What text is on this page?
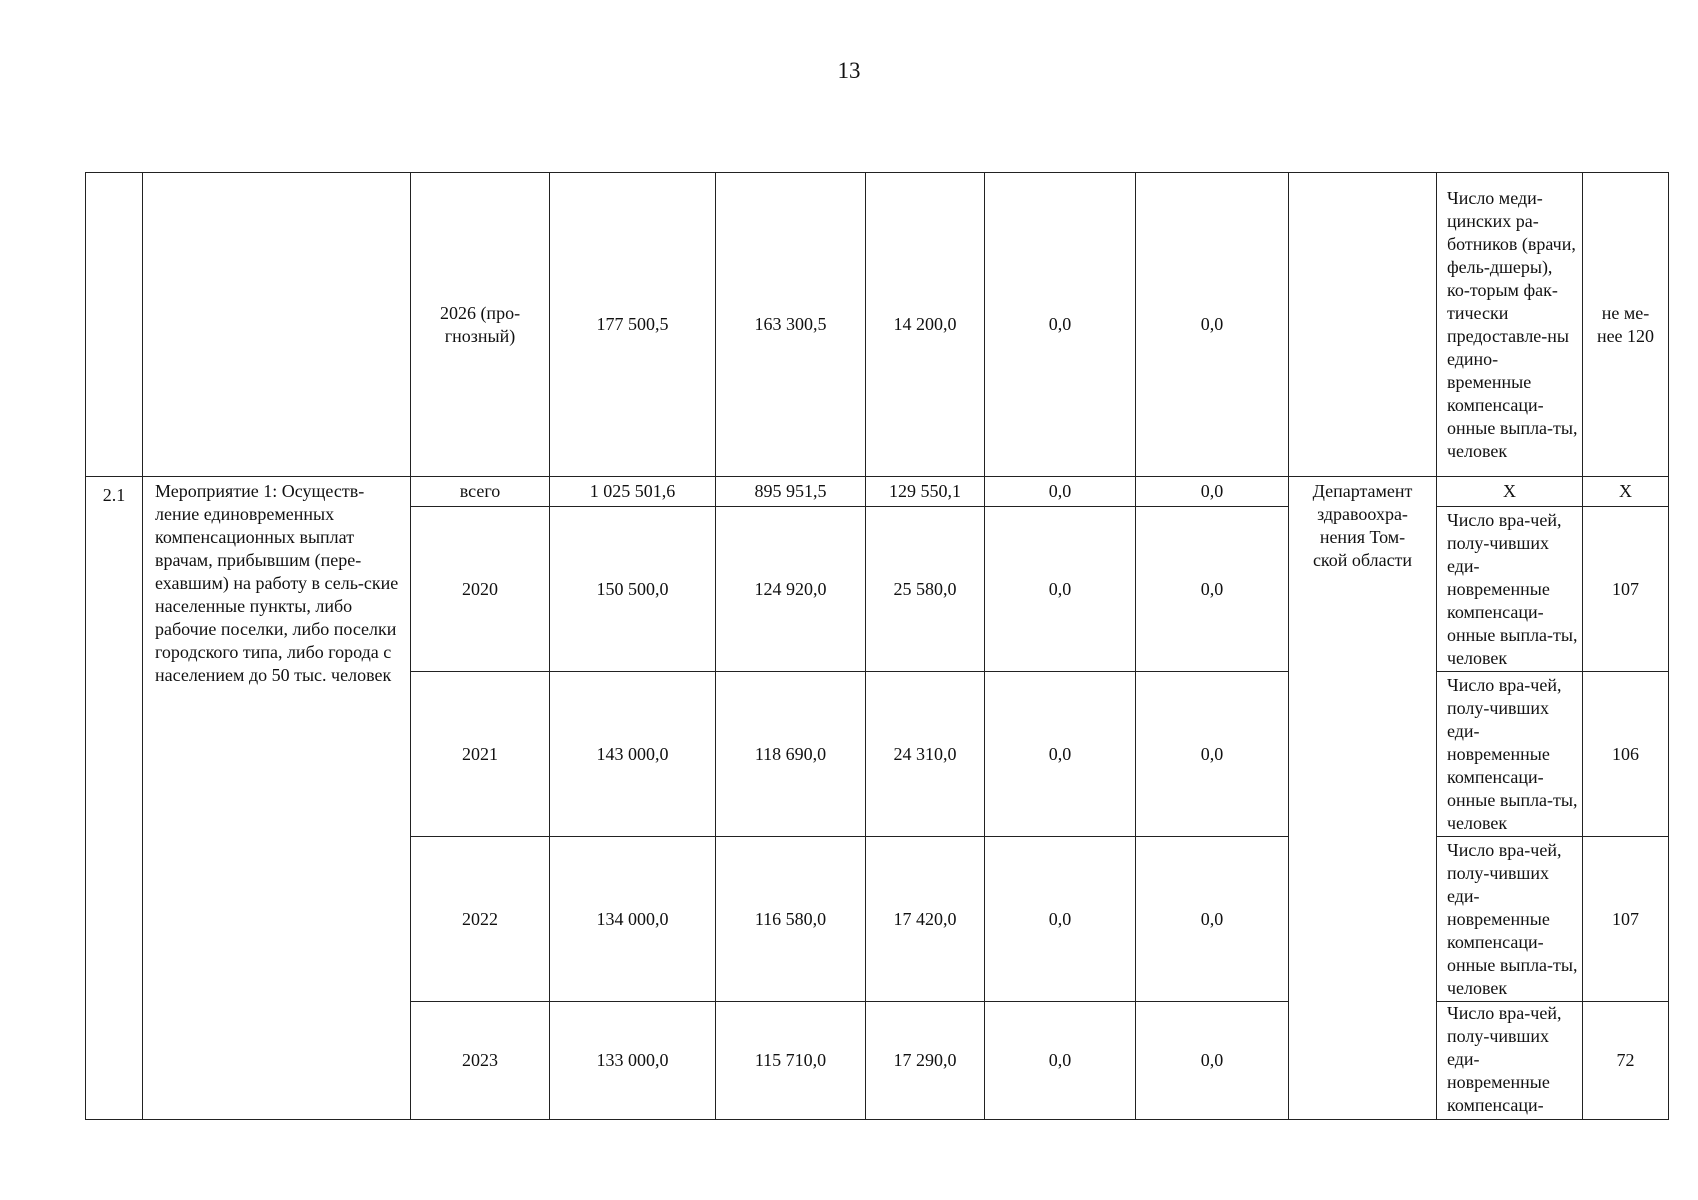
13

		2026 (про-гнозный)	177 500,5	163 300,5	14 200,0	0,0	0,0		Число меди-цинских ра-ботников (врачи, фель-дшеры), ко-торым фак-тически предоставле-ны едино-временные компенсаци-онные выпла-ты, человек	не ме-нее 120

2.1	Мероприятие 1: Осуществ-ление единовременных компенсационных выплат врачам, прибывшим (пере-ехавшим) на работу в сель-ские населенные пункты, либо рабочие поселки, либо поселки городского типа, либо города с населением до 50 тыс. человек	всего	1 025 501,6	895 951,5	129 550,1	0,0	0,0	Департамент здравоохра-нения Том-ской области	Х	Х
		2020	150 500,0	124 920,0	25 580,0	0,0	0,0		Число вра-чей, полу-чивших еди-новременные компенсаци-онные выпла-ты, человек	107
		2021	143 000,0	118 690,0	24 310,0	0,0	0,0		Число вра-чей, полу-чивших еди-новременные компенсаци-онные выпла-ты, человек	106
		2022	134 000,0	116 580,0	17 420,0	0,0	0,0		Число вра-чей, полу-чивших еди-новременные компенсаци-онные выпла-ты, человек	107
		2023	133 000,0	115 710,0	17 290,0	0,0	0,0		Число вра-чей, полу-чивших еди-новременные компенсаци-	72
